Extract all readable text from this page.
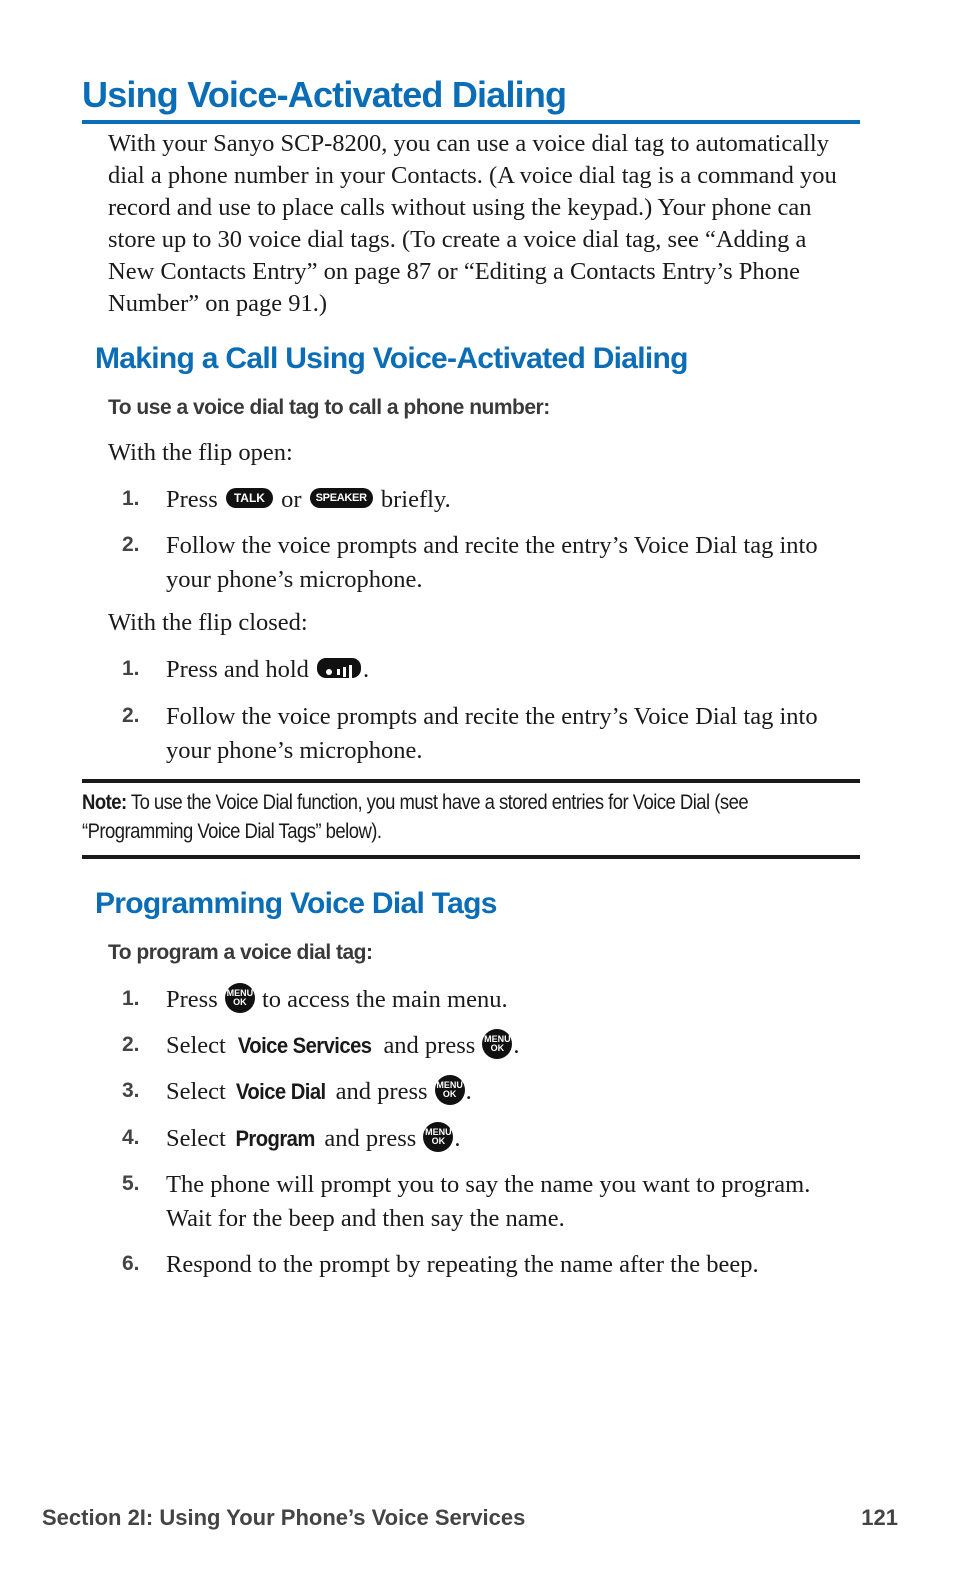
Using Voice-Activated Dialing

With your Sanyo SCP-8200, you can use a voice dial tag to automatically dial a phone number in your Contacts. (A voice dial tag is a command you record and use to place calls without using the keypad.) Your phone can store up to 30 voice dial tags. (To create a voice dial tag, see “Adding a New Contacts Entry” on page 87 or “Editing a Contacts Entry’s Phone Number” on page 91.)

Making a Call Using Voice-Activated Dialing

To use a voice dial tag to call a phone number:

With the flip open:

1. Press TALK or SPEAKER briefly.
2. Follow the voice prompts and recite the entry’s Voice Dial tag into your phone’s microphone.

With the flip closed:

1. Press and hold .
2. Follow the voice prompts and recite the entry’s Voice Dial tag into your phone’s microphone.

Note: To use the Voice Dial function, you must have a stored entries for Voice Dial (see “Programming Voice Dial Tags” below).

Programming Voice Dial Tags

To program a voice dial tag:

1. Press MENU
OK to access the main menu.
2. Select Voice Services and press MENU
OK .
3. Select Voice Dial and press MENU
OK .
4. Select Program and press MENU
OK .
5. The phone will prompt you to say the name you want to program. Wait for the beep and then say the name.
6. Respond to the prompt by repeating the name after the beep.
Section 2I: Using Your Phone’s Voice Services	121
